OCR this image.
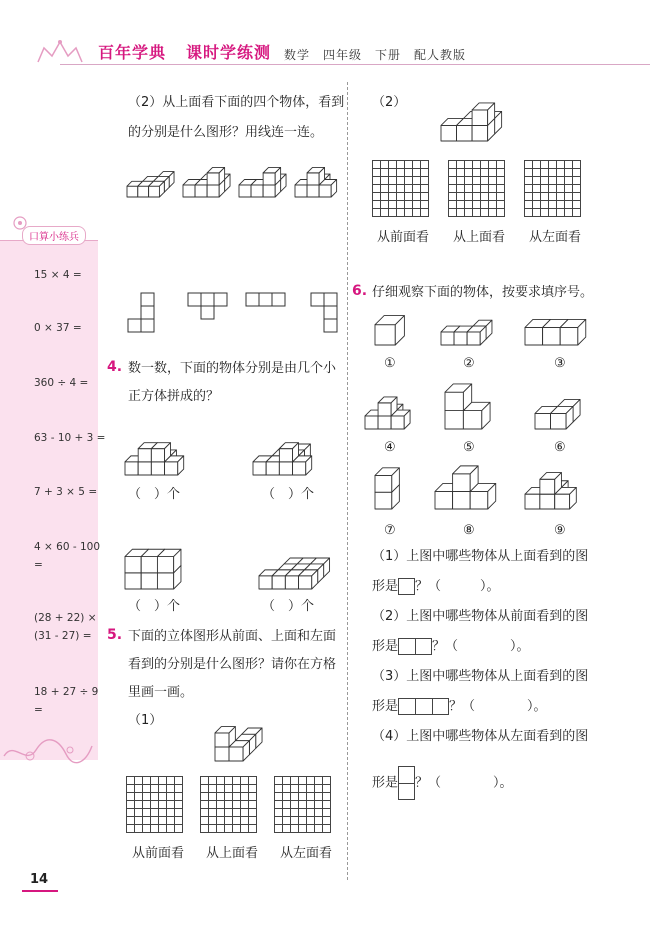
百年学典 课时学练测 数学　四年级　下册　配人教版
口算小练兵
15 × 4 =
0 × 37 =
360 ÷ 4 =
63 - 10 + 3 =
7 + 3 × 5 =
4 × 60 - 100
=
(28 + 22) ×
(31 - 27) =
18 + 27 ÷ 9
=
（2）从上面看下面的四个物体，看到
的分别是什么图形？用线连一连。
4. 数一数，下面的物体分别是由几个小
正方体拼成的？
（　）个	（　）个
（　）个	（　）个
5. 下面的立体图形从前面、上面和左面
看到的分别是什么图形？请你在方格
里画一画。
（1）
从前面看 从上面看 从左面看
（2）
从前面看 从上面看 从左面看
6. 仔细观察下面的物体，按要求填序号。
①	②	③
④	⑤	⑥
⑦	⑧	⑨
（1）上图中哪些物体从上面看到的图
形是 ？（　　　）。
（2）上图中哪些物体从前面看到的图
形是	？（　　　　）。
（3）上图中哪些物体从上面看到的图
形是	？（　　　　）。
（4）上图中哪些物体从左面看到的图
形是 ？（　　　　）。
14
